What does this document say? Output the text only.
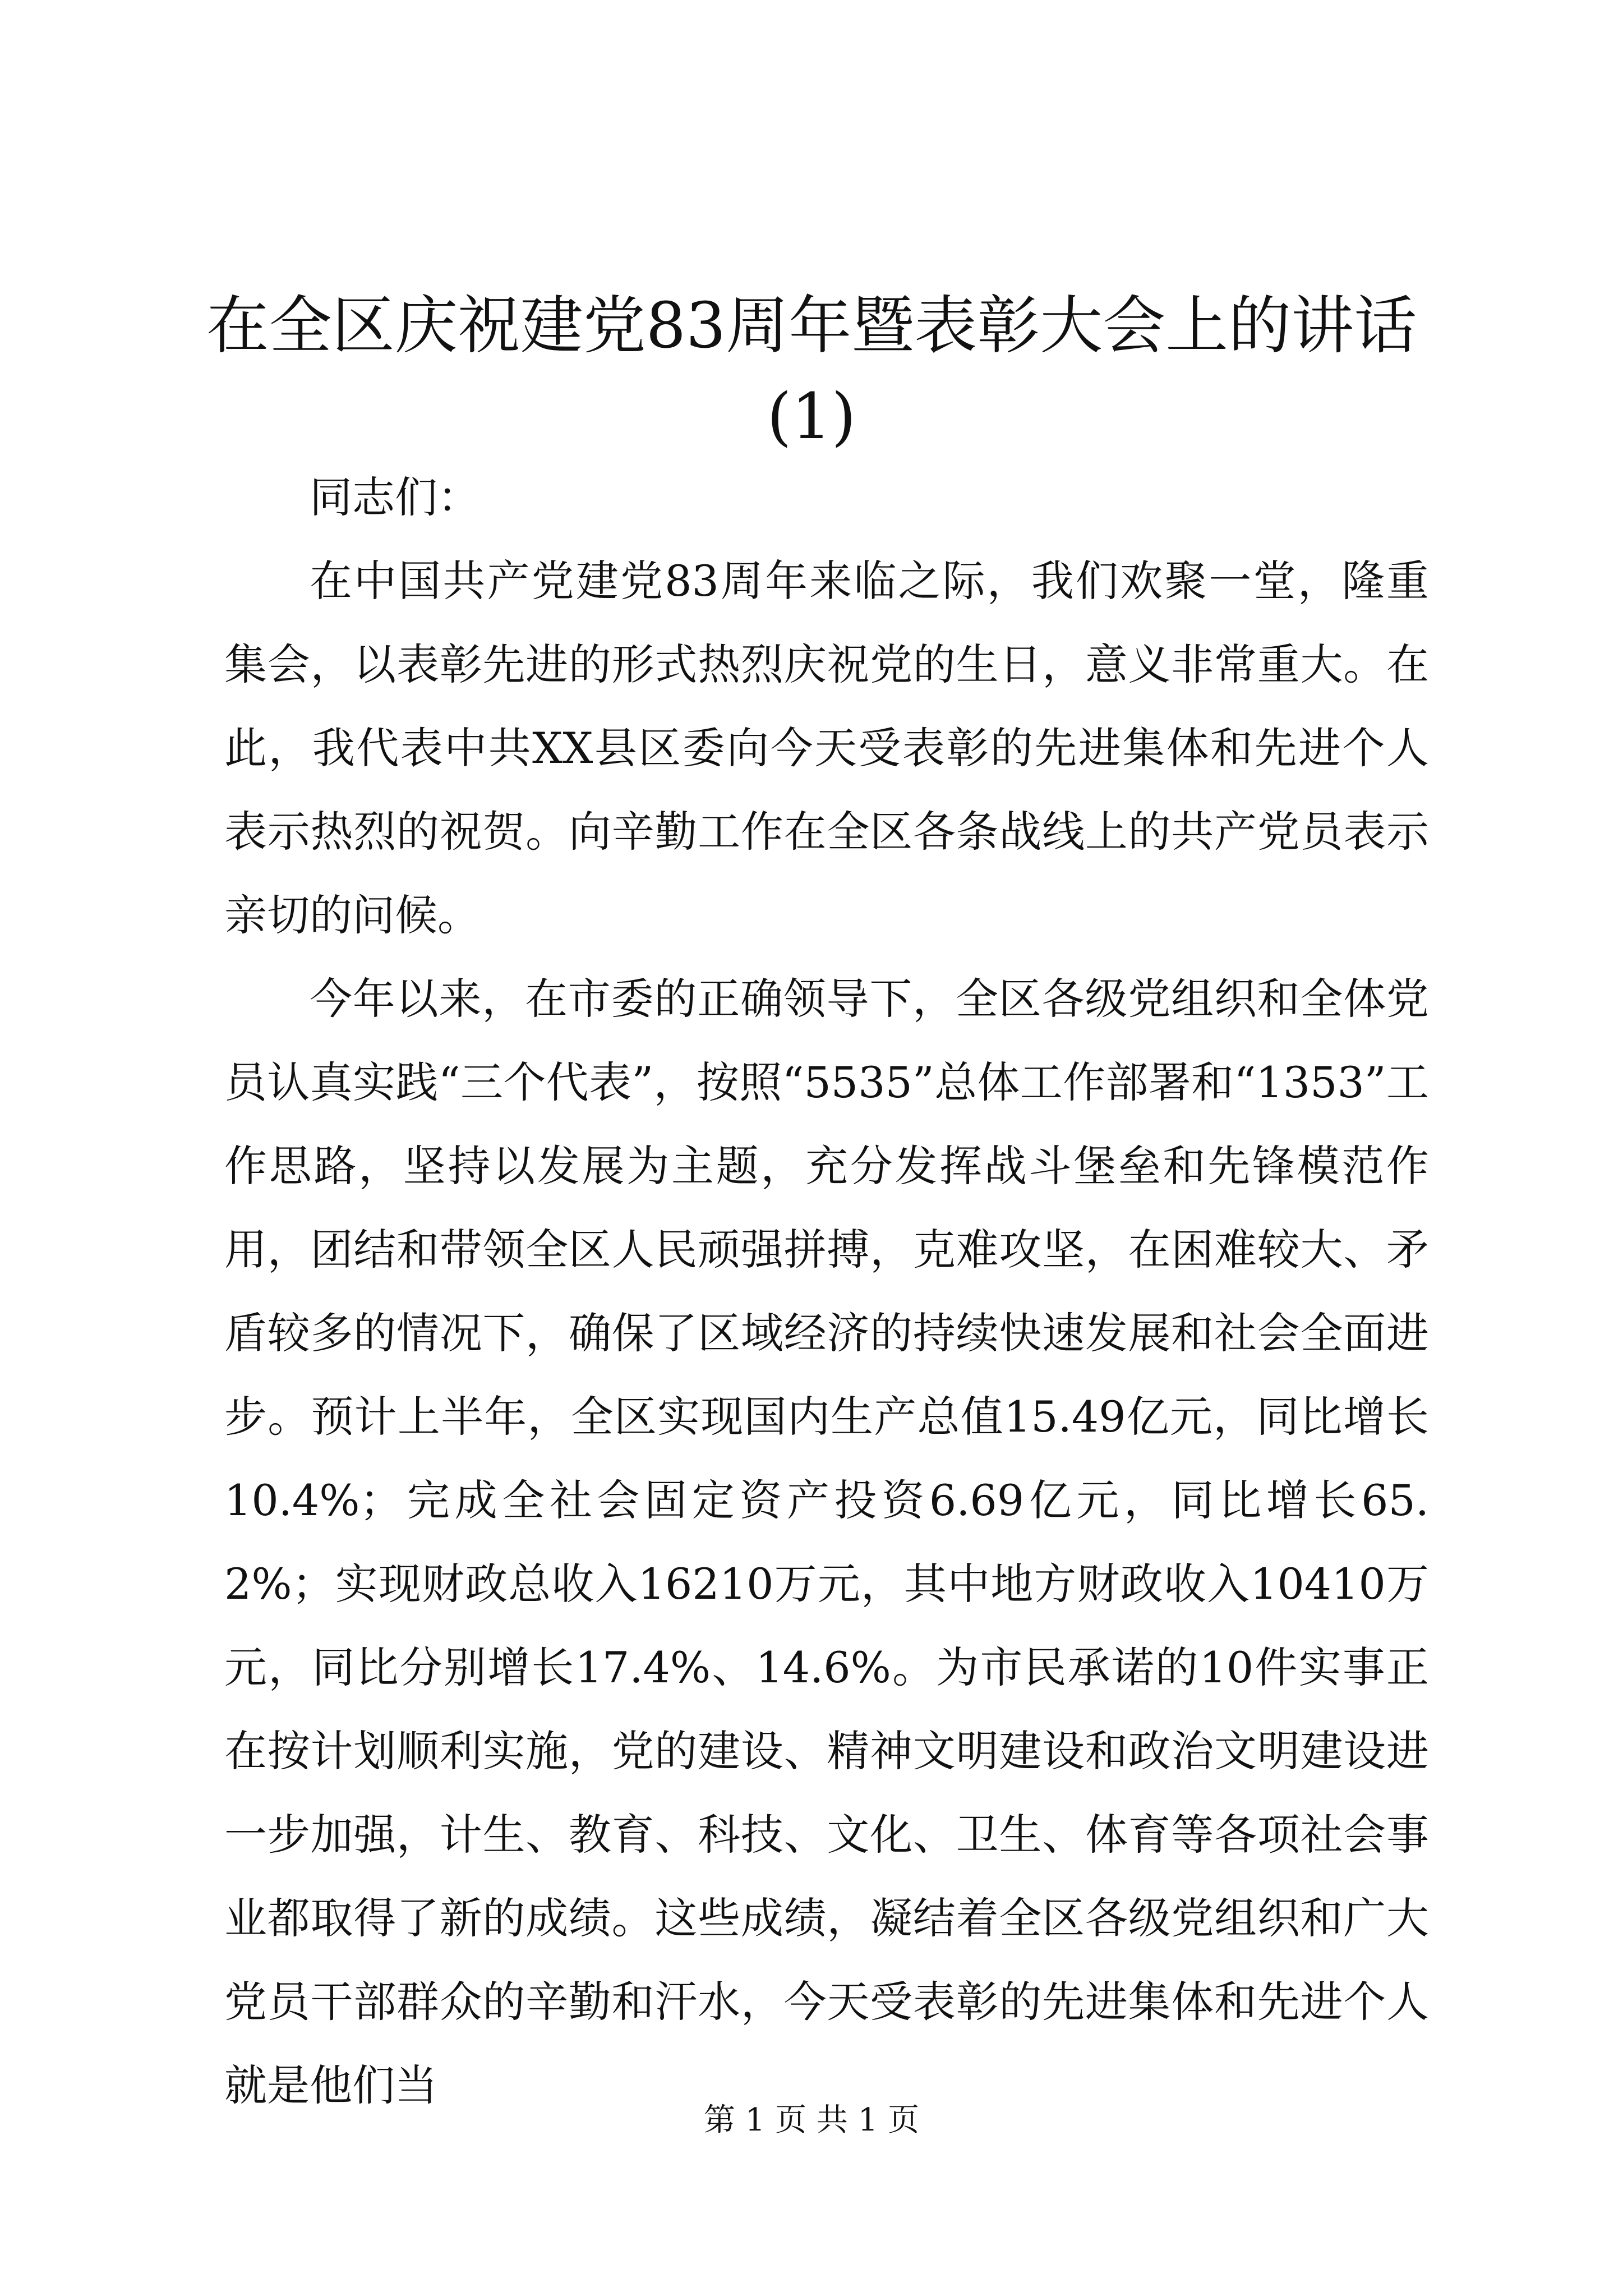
在全区庆祝建党83周年暨表彰大会上的讲话(1)

同志们：

在中国共产党建党83周年来临之际，我们欢聚一堂，隆重集会，以表彰先进的形式热烈庆祝党的生日，意义非常重大。在此，我代表中共XX县区委向今天受表彰的先进集体和先进个人表示热烈的祝贺。向辛勤工作在全区各条战线上的共产党员表示亲切的问候。

今年以来，在市委的正确领导下，全区各级党组织和全体党员认真实践“三个代表”，按照“5535”总体工作部署和“1353”工作思路，坚持以发展为主题，充分发挥战斗堡垒和先锋模范作用，团结和带领全区人民顽强拼搏，克难攻坚，在困难较大、矛盾较多的情况下，确保了区域经济的持续快速发展和社会全面进步。预计上半年，全区实现国内生产总值15.49亿元，同比增长10.4%；完成全社会固定资产投资6.69亿元，同比增长65.2%；实现财政总收入16210万元，其中地方财政收入10410万元，同比分别增长17.4%、14.6%。为市民承诺的10件实事正在按计划顺利实施，党的建设、精神文明建设和政治文明建设进一步加强，计生、教育、科技、文化、卫生、体育等各项社会事业都取得了新的成绩。这些成绩，凝结着全区各级党组织和广大党员干部群众的辛勤和汗水，今天受表彰的先进集体和先进个人就是他们当

第 1 页 共 1 页
